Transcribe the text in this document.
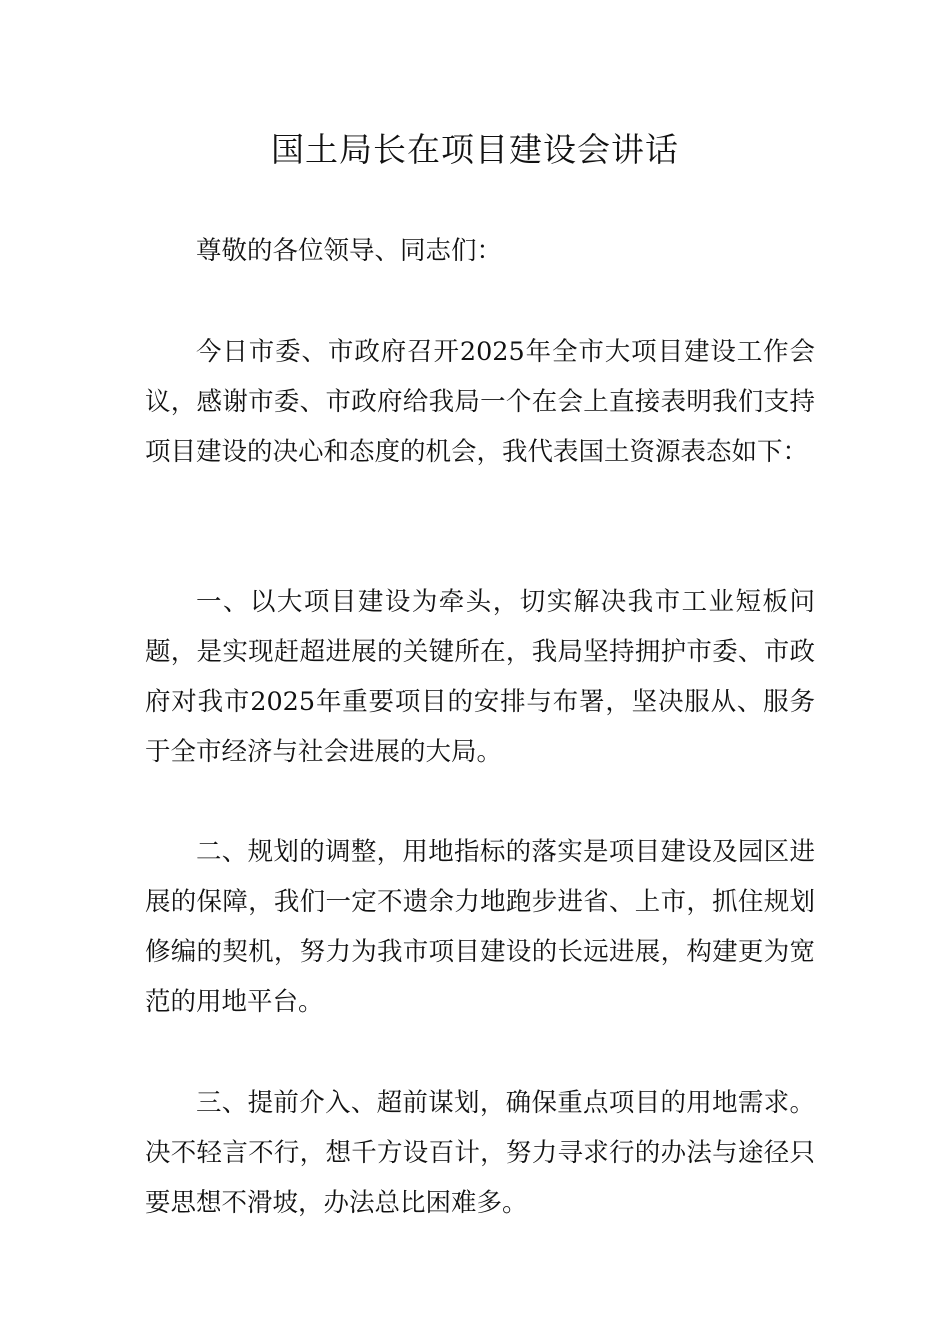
国土局长在项目建设会讲话

尊敬的各位领导、同志们：

今日市委、市政府召开2025年全市大项目建设工作会议，感谢市委、市政府给我局一个在会上直接表明我们支持项目建设的决心和态度的机会，我代表国土资源表态如下：

一、以大项目建设为牵头，切实解决我市工业短板问题，是实现赶超进展的关键所在，我局坚持拥护市委、市政府对我市2025年重要项目的安排与布署，坚决服从、服务于全市经济与社会进展的大局。

二、规划的调整，用地指标的落实是项目建设及园区进展的保障，我们一定不遗余力地跑步进省、上市，抓住规划修编的契机，努力为我市项目建设的长远进展，构建更为宽范的用地平台。

三、提前介入、超前谋划，确保重点项目的用地需求。决不轻言不行，想千方设百计，努力寻求行的办法与途径只要思想不滑坡，办法总比困难多。
